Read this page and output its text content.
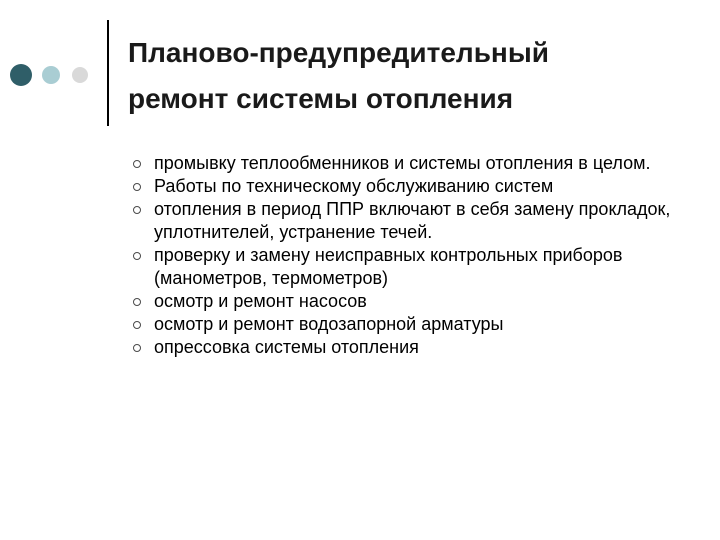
Планово-предупредительный
ремонт системы отопления
промывку теплообменников и системы отопления в целом.
Работы по техническому обслуживанию систем
отопления в период ППР включают в себя замену прокладок, уплотнителей, устранение течей.
проверку и замену неисправных контрольных приборов (манометров, термометров)
осмотр и ремонт насосов
осмотр и ремонт водозапорной арматуры
опрессовка системы отопления
